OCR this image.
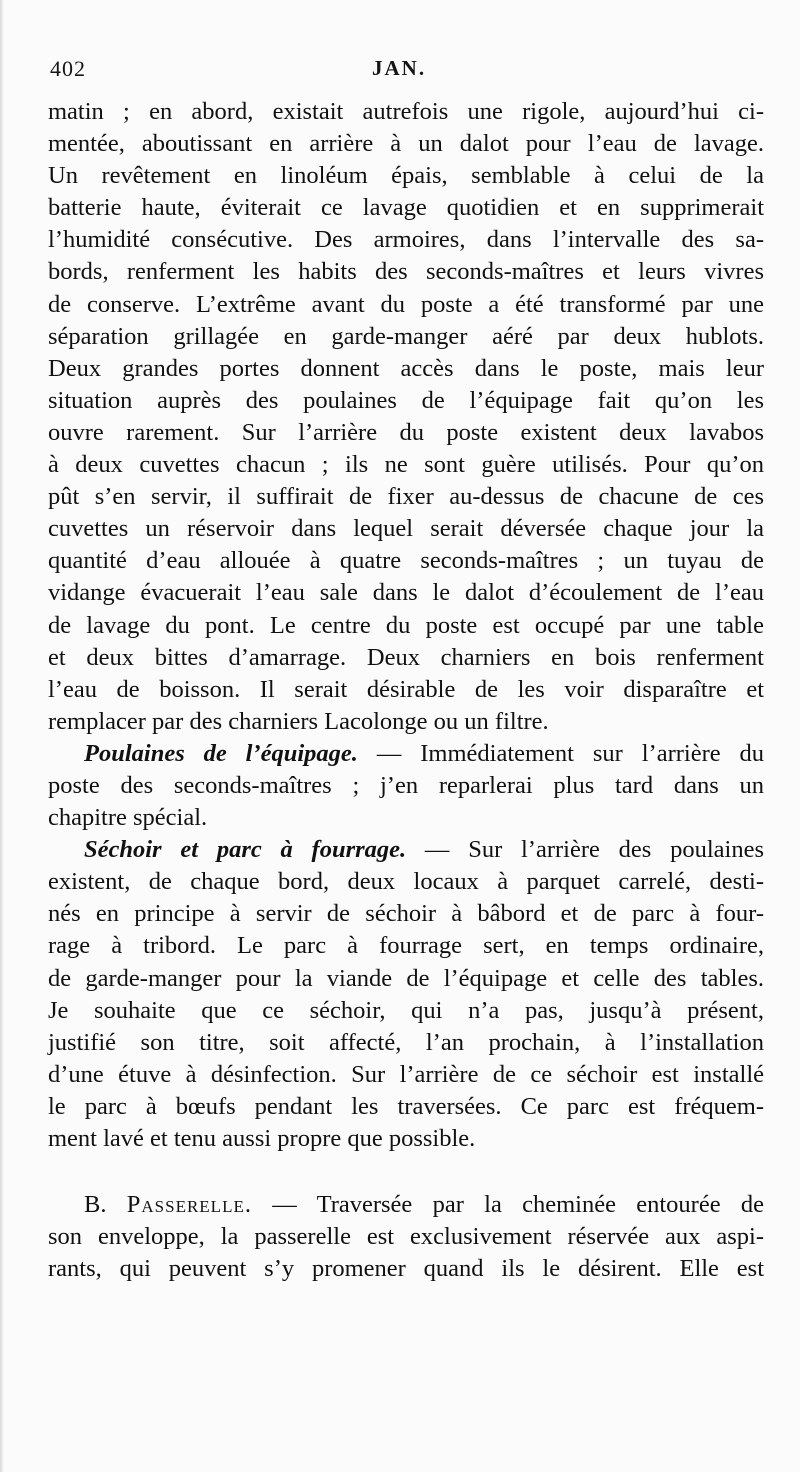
402	JAN.

matin ; en abord, existait autrefois une rigole, aujourd’hui ci-

mentée, aboutissant en arrière à un dalot pour l’eau de lavage.

Un revêtement en linoléum épais, semblable à celui de la

batterie haute, éviterait ce lavage quotidien et en supprimerait

l’humidité consécutive. Des armoires, dans l’intervalle des sa-

bords, renferment les habits des seconds-maîtres et leurs vivres

de conserve. L’extrême avant du poste a été transformé par une

séparation grillagée en garde-manger aéré par deux hublots.

Deux grandes portes donnent accès dans le poste, mais leur

situation auprès des poulaines de l’équipage fait qu’on les

ouvre rarement. Sur l’arrière du poste existent deux lavabos

à deux cuvettes chacun ; ils ne sont guère utilisés. Pour qu’on

pût s’en servir, il suffirait de fixer au-dessus de chacune de ces

cuvettes un réservoir dans lequel serait déversée chaque jour la

quantité d’eau allouée à quatre seconds-maîtres ; un tuyau de

vidange évacuerait l’eau sale dans le dalot d’écoulement de l’eau

de lavage du pont. Le centre du poste est occupé par une table

et deux bittes d’amarrage. Deux charniers en bois renferment

l’eau de boisson. Il serait désirable de les voir disparaître et

remplacer par des charniers Lacolonge ou un filtre.

Poulaines de l’équipage. — Immédiatement sur l’arrière du

poste des seconds-maîtres ; j’en reparlerai plus tard dans un

chapitre spécial.

Séchoir et parc à fourrage. — Sur l’arrière des poulaines

existent, de chaque bord, deux locaux à parquet carrelé, desti-

nés en principe à servir de séchoir à bâbord et de parc à four-

rage à tribord. Le parc à fourrage sert, en temps ordinaire,

de garde-manger pour la viande de l’équipage et celle des tables.

Je souhaite que ce séchoir, qui n’a pas, jusqu’à présent,

justifié son titre, soit affecté, l’an prochain, à l’installation

d’une étuve à désinfection. Sur l’arrière de ce séchoir est installé

le parc à bœufs pendant les traversées. Ce parc est fréquem-

ment lavé et tenu aussi propre que possible.

B. Passerelle. — Traversée par la cheminée entourée de

son enveloppe, la passerelle est exclusivement réservée aux aspi-

rants, qui peuvent s’y promener quand ils le désirent. Elle est
